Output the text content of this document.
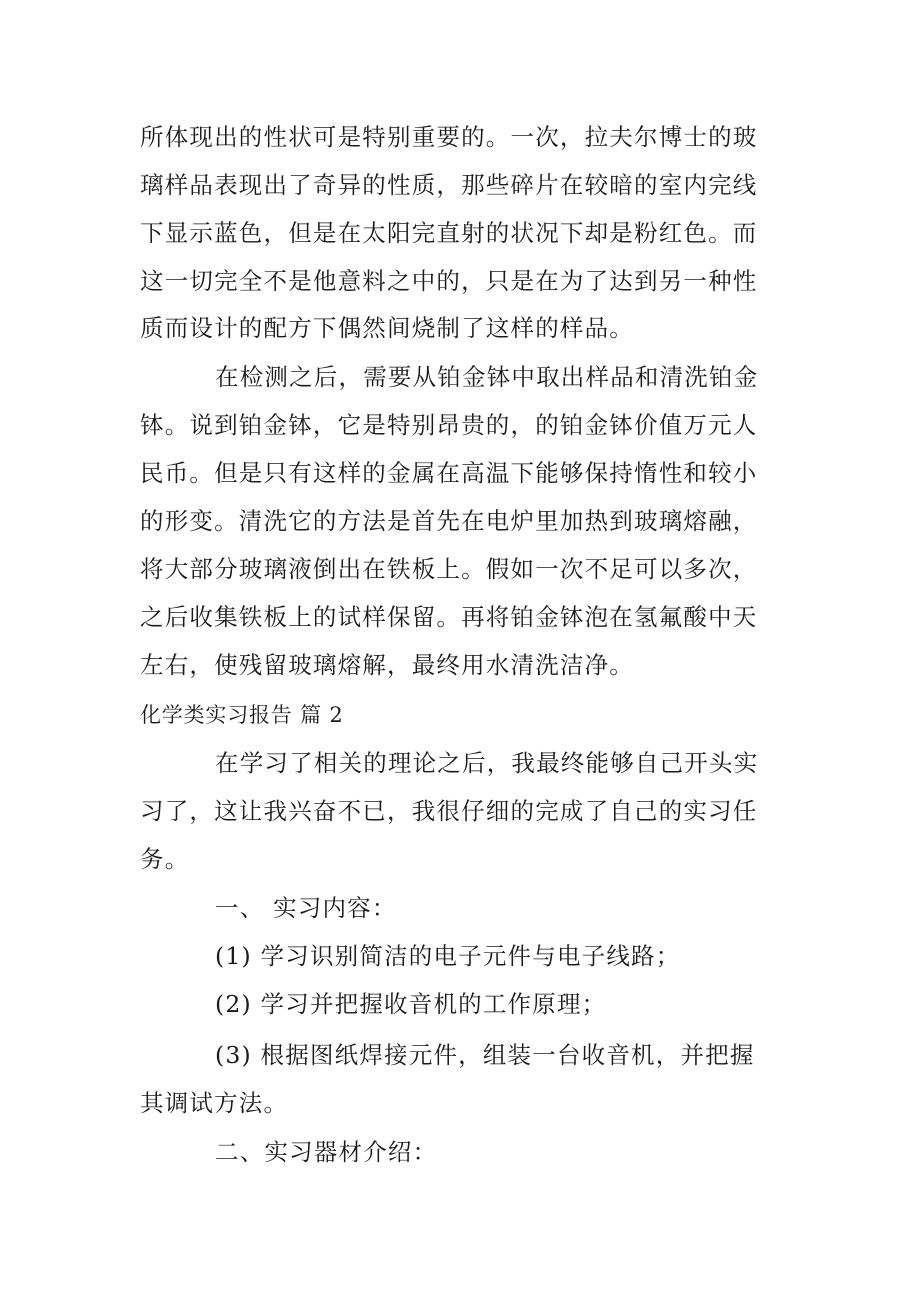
所体现出的性状可是特别重要的。一次，拉夫尔博士的玻
璃样品表现出了奇异的性质，那些碎片在较暗的室内完线
下显示蓝色，但是在太阳完直射的状况下却是粉红色。而
这一切完全不是他意料之中的，只是在为了达到另一种性
质而设计的配方下偶然间烧制了这样的样品。
在检测之后，需要从铂金钵中取出样品和清洗铂金
钵。说到铂金钵，它是特别昂贵的，的铂金钵价值万元人
民币。但是只有这样的金属在高温下能够保持惰性和较小
的形变。清洗它的方法是首先在电炉里加热到玻璃熔融，
将大部分玻璃液倒出在铁板上。假如一次不足可以多次，
之后收集铁板上的试样保留。再将铂金钵泡在氢氟酸中天
左右，使残留玻璃熔解，最终用水清洗洁净。
化学类实习报告 篇 2
在学习了相关的理论之后，我最终能够自己开头实
习了，这让我兴奋不已，我很仔细的完成了自己的实习任
务。
一、 实习内容：
(1) 学习识别简洁的电子元件与电子线路；
(2) 学习并把握收音机的工作原理；
(3) 根据图纸焊接元件，组装一台收音机，并把握
其调试方法。
二、实习器材介绍：
